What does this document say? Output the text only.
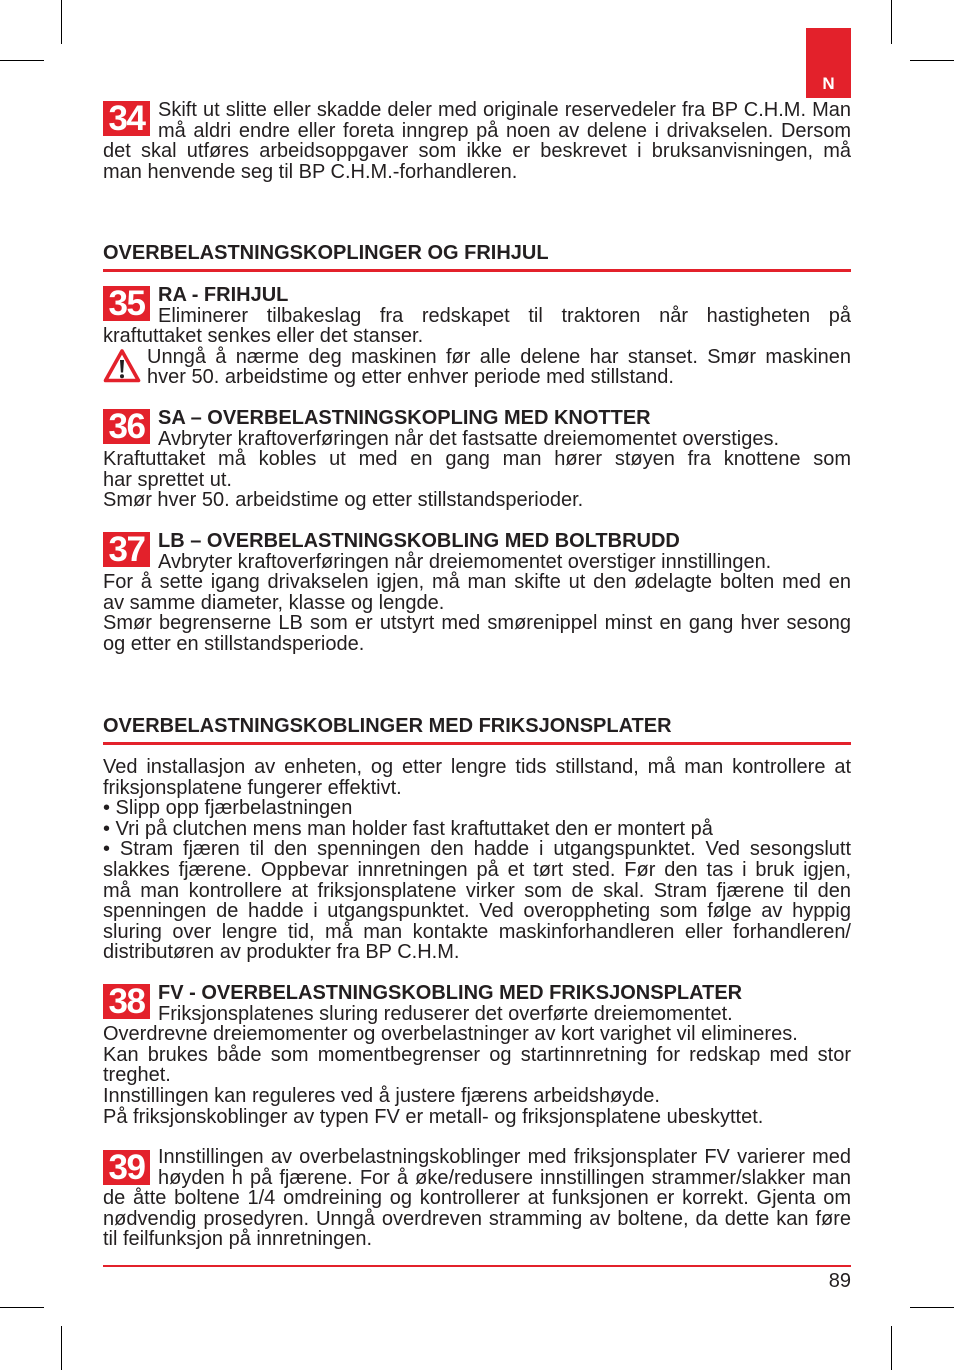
N
34 Skift ut slitte eller skadde deler med originale reservedeler fra BP C.H.M. Man
må aldri endre eller foreta inngrep på noen av delene i drivakselen. Dersom
det skal utføres arbeidsoppgaver som ikke er beskrevet i bruksanvisningen, må
man henvende seg til BP C.H.M.-forhandleren.
OVERBELASTNINGSKOPLINGER OG FRIHJUL
35 RA - FRIHJUL
Eliminerer tilbakeslag fra redskapet til traktoren når hastigheten på
kraftuttaket senkes eller det stanser.
Unngå å nærme deg maskinen før alle delene har stanset. Smør maskinen
hver 50. arbeidstime og etter enhver periode med stillstand.
36 SA – OVERBELASTNINGSKOPLING MED KNOTTER
Avbryter kraftoverføringen når det fastsatte dreiemomentet overstiges.
Kraftuttaket må kobles ut med en gang man hører støyen fra knottene som
har sprettet ut.
Smør hver 50. arbeidstime og etter stillstandsperioder.
37 LB – OVERBELASTNINGSKOBLING MED BOLTBRUDD
Avbryter kraftoverføringen når dreiemomentet overstiger innstillingen.
For å sette igang drivakselen igjen, må man skifte ut den ødelagte bolten med en
av samme diameter, klasse og lengde.
Smør begrenserne LB som er utstyrt med smørenippel minst en gang hver sesong
og etter en stillstandsperiode.
OVERBELASTNINGSKOBLINGER MED FRIKSJONSPLATER
Ved installasjon av enheten, og etter lengre tids stillstand, må man kontrollere at
friksjonsplatene fungerer effektivt.
• Slipp opp fjærbelastningen
• Vri på clutchen mens man holder fast kraftuttaket den er montert på
• Stram fjæren til den spenningen den hadde i utgangspunktet. Ved sesongslutt
slakkes fjærene. Oppbevar innretningen på et tørt sted. Før den tas i bruk igjen,
må man kontrollere at friksjonsplatene virker som de skal. Stram fjærene til den
spenningen de hadde i utgangspunktet. Ved overoppheting som følge av hyppig
sluring over lengre tid, må man kontakte maskinforhandleren eller forhandleren/
distributøren av produkter fra BP C.H.M.
38 FV - OVERBELASTNINGSKOBLING MED FRIKSJONSPLATER
Friksjonsplatenes sluring reduserer det overførte dreiemomentet.
Overdrevne dreiemomenter og overbelastninger av kort varighet vil elimineres.
Kan brukes både som momentbegrenser og startinnretning for redskap med stor
treghet.
Innstillingen kan reguleres ved å justere fjærens arbeidshøyde.
På friksjonskoblinger av typen FV er metall- og friksjonsplatene ubeskyttet.
39 Innstillingen av overbelastningskoblinger med friksjonsplater FV varierer med
høyden h på fjærene. For å øke/redusere innstillingen strammer/slakker man
de åtte boltene 1/4 omdreining og kontrollerer at funksjonen er korrekt. Gjenta om
nødvendig prosedyren. Unngå overdreven stramming av boltene, da dette kan føre
til feilfunksjon på innretningen.
89
